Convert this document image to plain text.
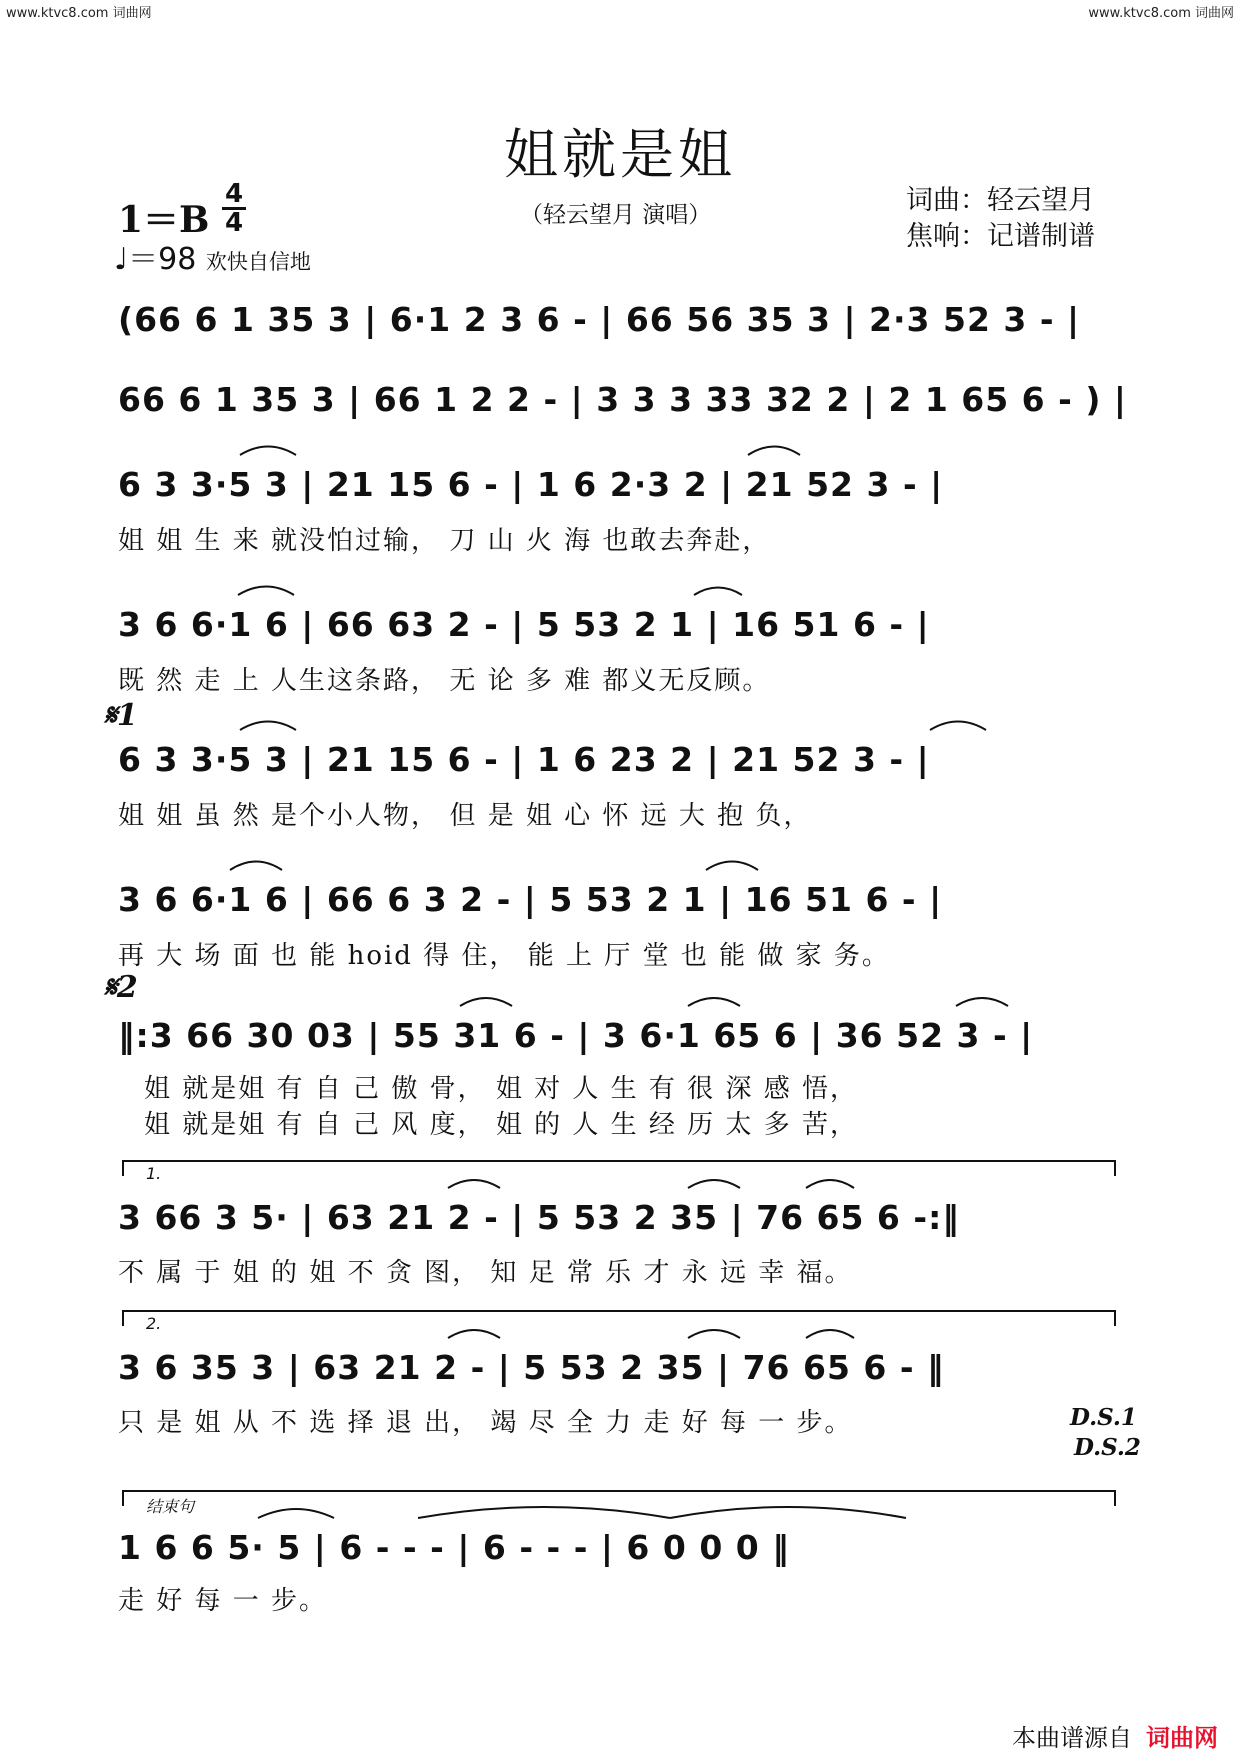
www.ktvc8.com 词曲网	www.ktvc8.com 词曲网
姐就是姐
（轻云望月 演唱）	词曲：轻云望月
焦响：记谱制谱
1＝B
4
4
♩＝98 欢快自信地
(66 6 1 35 3 | 6·1 2 3 6 - | 66 56 35 3 | 2·3 52 3 - |
66 6 1 35 3 | 66 1 2 2 - | 3 3 3 33 32 2 | 2 1 65 6 - ) |
6 3 3·5 3 | 21 15 6 - | 1 6 2·3 2 | 21 52 3 - |
姐 姐 生 来 就没怕过输， 刀 山 火 海 也敢去奔赴，
3 6 6·1 6 | 66 63 2 - | 5 53 2 1 | 16 51 6 - |
既 然 走 上 人生这条路， 无 论 多 难 都义无反顾。
𝄋1
6 3 3·5 3 | 21 15 6 - | 1 6 23 2 | 21 52 3 - |
姐 姐 虽 然 是个小人物， 但 是 姐 心 怀 远 大 抱 负，
3 6 6·1 6 | 66 6 3 2 - | 5 53 2 1 | 16 51 6 - |
再 大 场 面 也 能 hoid 得 住， 能 上 厅 堂 也 能 做 家 务。
𝄋2
‖:3 66 30 03 | 55 31 6 - | 3 6·1 65 6 | 36 52 3 - |
姐 就是姐 有 自 己 傲 骨， 姐 对 人 生 有 很 深 感 悟，
姐 就是姐 有 自 己 风 度， 姐 的 人 生 经 历 太 多 苦，
1.
3 66 3 5· | 63 21 2 - | 5 53 2 35 | 76 65 6 -:‖
不 属 于 姐 的 姐 不 贪 图， 知 足 常 乐 才 永 远 幸 福。
2.
3 6 35 3 | 63 21 2 - | 5 53 2 35 | 76 65 6 - ‖
只 是 姐 从 不 选 择 退 出， 竭 尽 全 力 走 好 每 一 步。	D.S.1
D.S.2
结束句
1 6 6 5· 5 | 6 - - - | 6 - - - | 6 0 0 0 ‖
走 好 每 一 步。
本曲谱源自 词曲网
